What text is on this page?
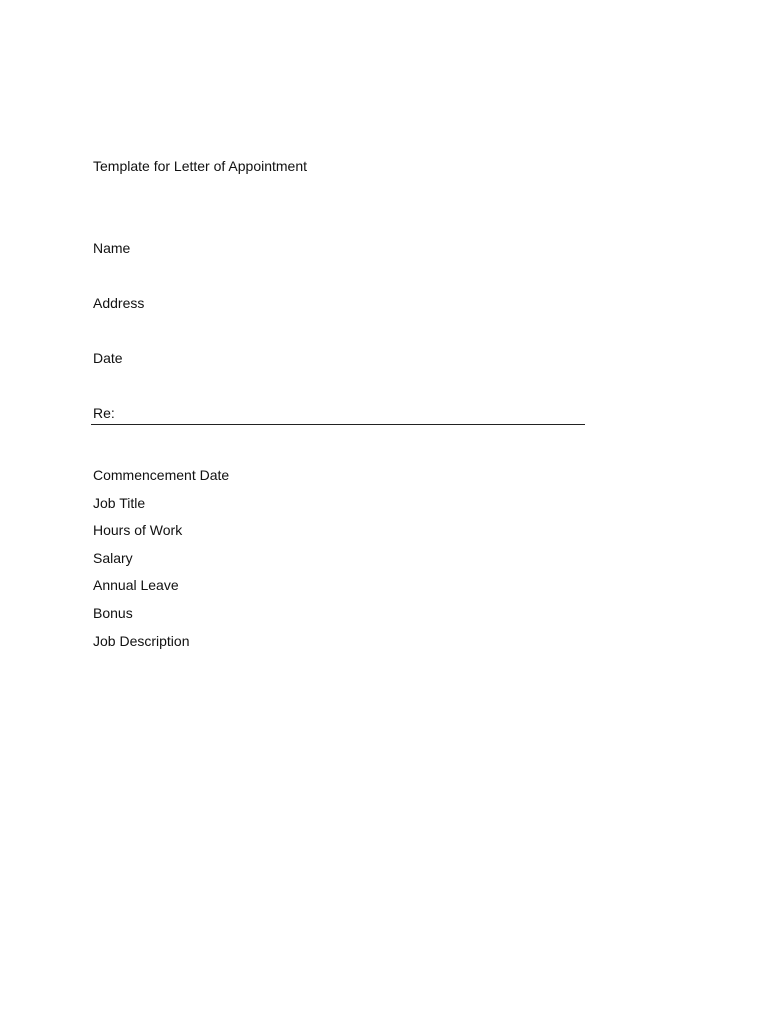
Template for Letter of Appointment
Name
Address
Date
Re:
Commencement Date
Job Title
Hours of Work
Salary
Annual Leave
Bonus
Job Description
